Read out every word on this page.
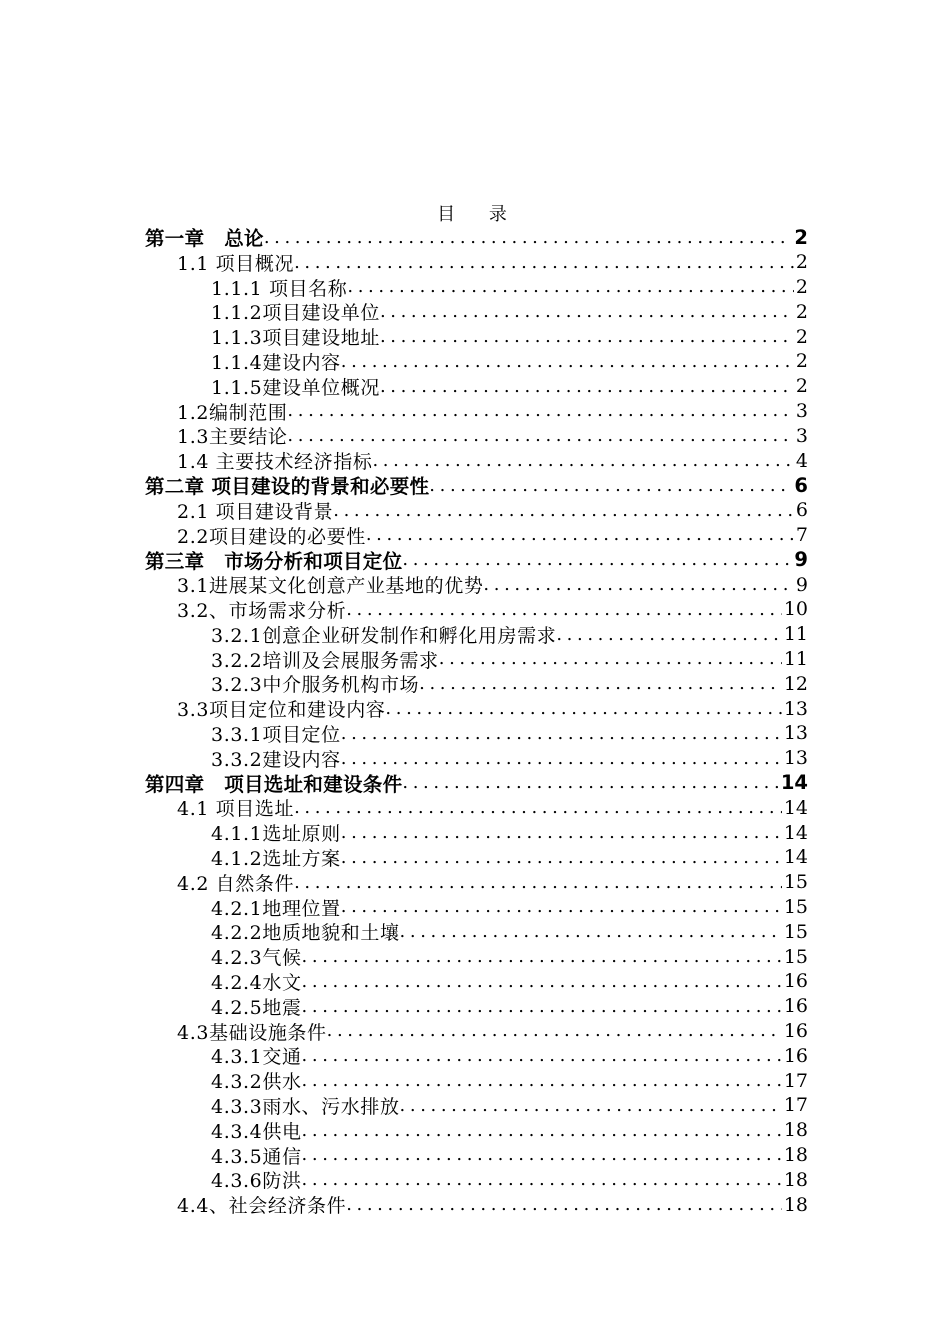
目 录
第一章　总论 .....	2
1.1 项目概况 .....	2
1.1.1 项目名称 .....	2
1.1.2项目建设单位 .....	2
1.1.3项目建设地址 .....	2
1.1.4建设内容 .....	2
1.1.5建设单位概况 .....	2
1.2编制范围 .....	3
1.3主要结论 .....	3
1.4 主要技术经济指标 .....	4
第二章 项目建设的背景和必要性 .....	6
2.1 项目建设背景 .....	6
2.2项目建设的必要性 .....	7
第三章　市场分析和项目定位 .....	9
3.1进展某文化创意产业基地的优势 .....	9
3.2、市场需求分析 .....	10
3.2.1创意企业研发制作和孵化用房需求 .....	11
3.2.2培训及会展服务需求 .....	11
3.2.3中介服务机构市场 .....	12
3.3项目定位和建设内容 .....	13
3.3.1项目定位 .....	13
3.3.2建设内容 .....	13
第四章　项目选址和建设条件 .....	14
4.1 项目选址 .....	14
4.1.1选址原则 .....	14
4.1.2选址方案 .....	14
4.2 自然条件 .....	15
4.2.1地理位置 .....	15
4.2.2地质地貌和土壤 .....	15
4.2.3气候 .....	15
4.2.4水文 .....	16
4.2.5地震 .....	16
4.3基础设施条件 .....	16
4.3.1交通 .....	16
4.3.2供水 .....	17
4.3.3雨水、污水排放 .....	17
4.3.4供电 .....	18
4.3.5通信 .....	18
4.3.6防洪 .....	18
4.4、社会经济条件 .....	18
